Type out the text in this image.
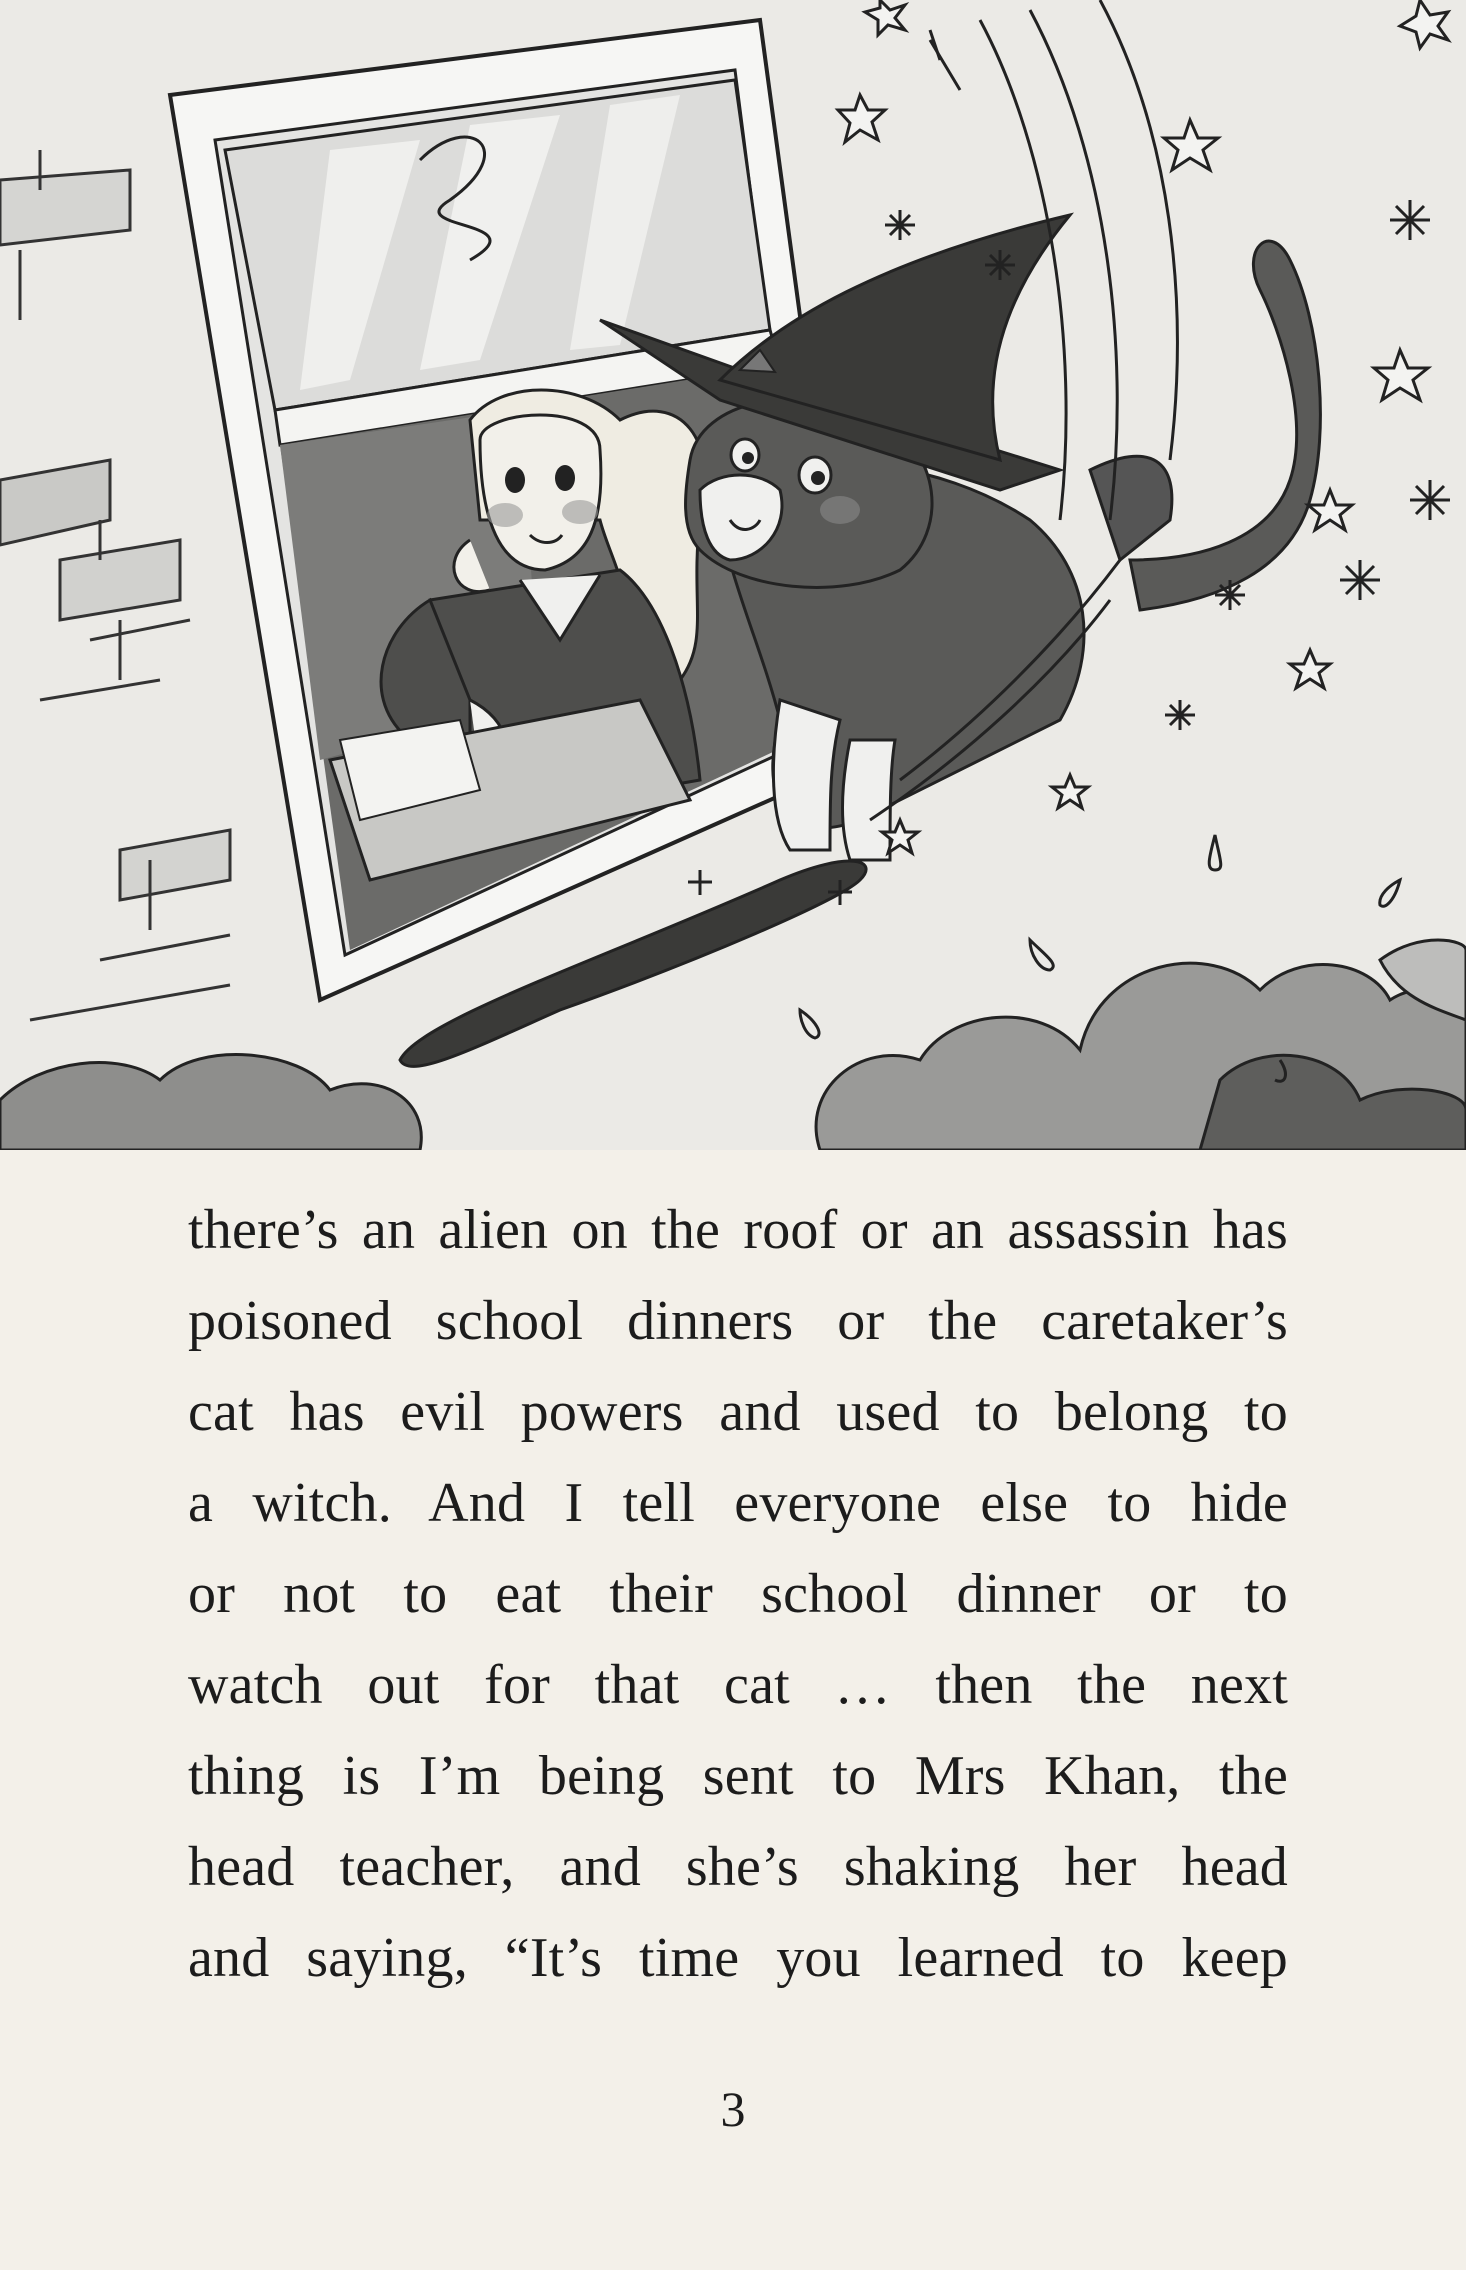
there’s an alien on the roof or an assassin has
poisoned school dinners or the caretaker’s
cat has evil powers and used to belong to
a witch. And I tell everyone else to hide
or not to eat their school dinner or to
watch out for that cat … then the next
thing is I’m being sent to Mrs Khan, the
head teacher, and she’s shaking her head
and saying, “It’s time you learned to keep
3
